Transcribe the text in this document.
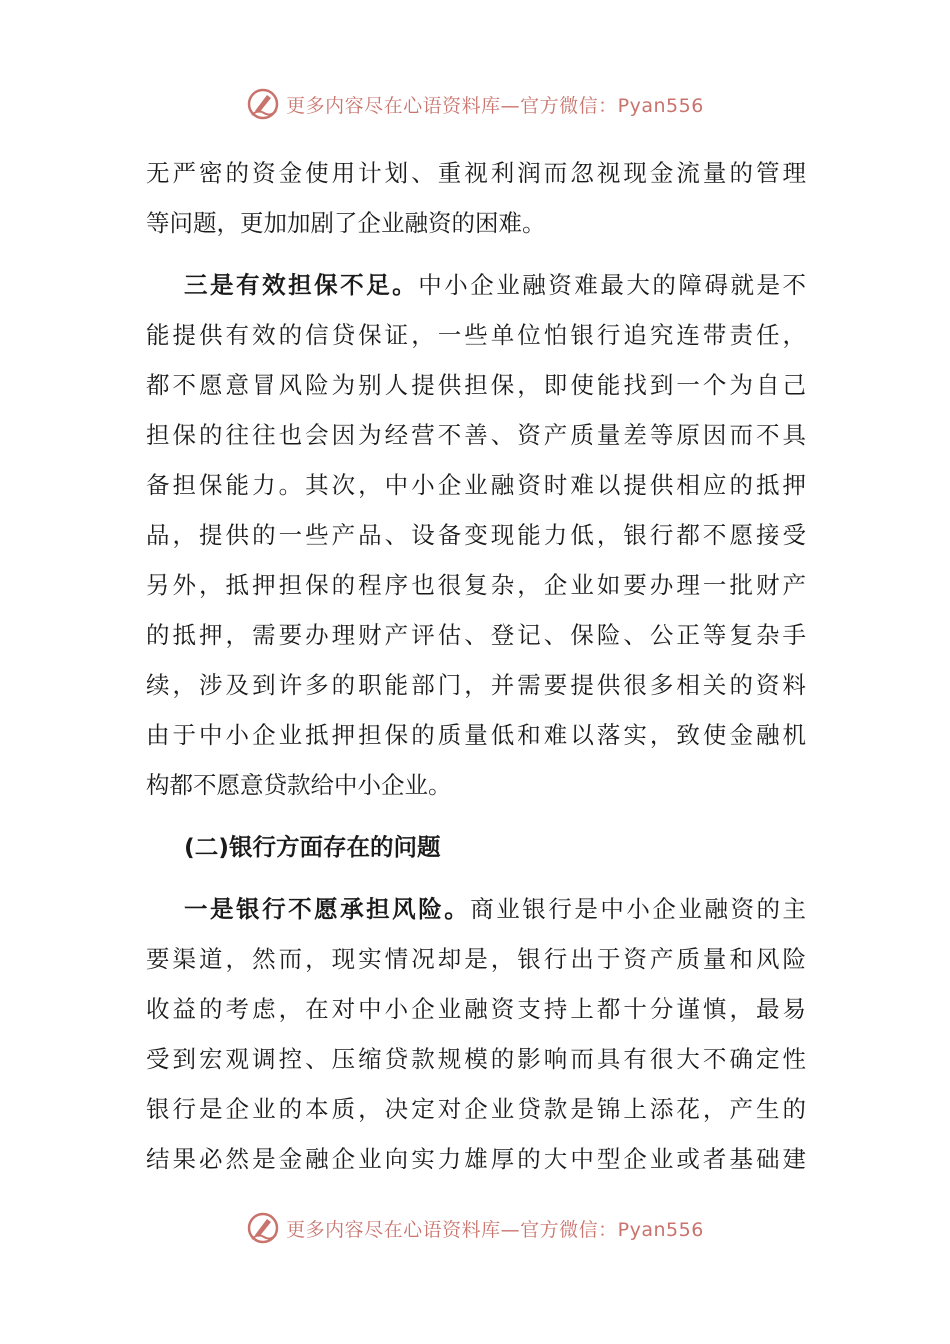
更多内容尽在心语资料库—官方微信：Pyan556
无严密的资金使用计划、重视利润而忽视现金流量的管理
等问题，更加加剧了企业融资的困难。
三是有效担保不足。中小企业融资难最大的障碍就是不
能提供有效的信贷保证，一些单位怕银行追究连带责任，
都不愿意冒风险为别人提供担保，即使能找到一个为自己
担保的往往也会因为经营不善、资产质量差等原因而不具
备担保能力。其次，中小企业融资时难以提供相应的抵押
品，提供的一些产品、设备变现能力低，银行都不愿接受
另外，抵押担保的程序也很复杂，企业如要办理一批财产
的抵押，需要办理财产评估、登记、保险、公正等复杂手
续，涉及到许多的职能部门，并需要提供很多相关的资料
由于中小企业抵押担保的质量低和难以落实，致使金融机
构都不愿意贷款给中小企业。
(二)银行方面存在的问题
一是银行不愿承担风险。商业银行是中小企业融资的主
要渠道，然而，现实情况却是，银行出于资产质量和风险
收益的考虑，在对中小企业融资支持上都十分谨慎，最易
受到宏观调控、压缩贷款规模的影响而具有很大不确定性
银行是企业的本质，决定对企业贷款是锦上添花，产生的
结果必然是金融企业向实力雄厚的大中型企业或者基础建
更多内容尽在心语资料库—官方微信：Pyan556
